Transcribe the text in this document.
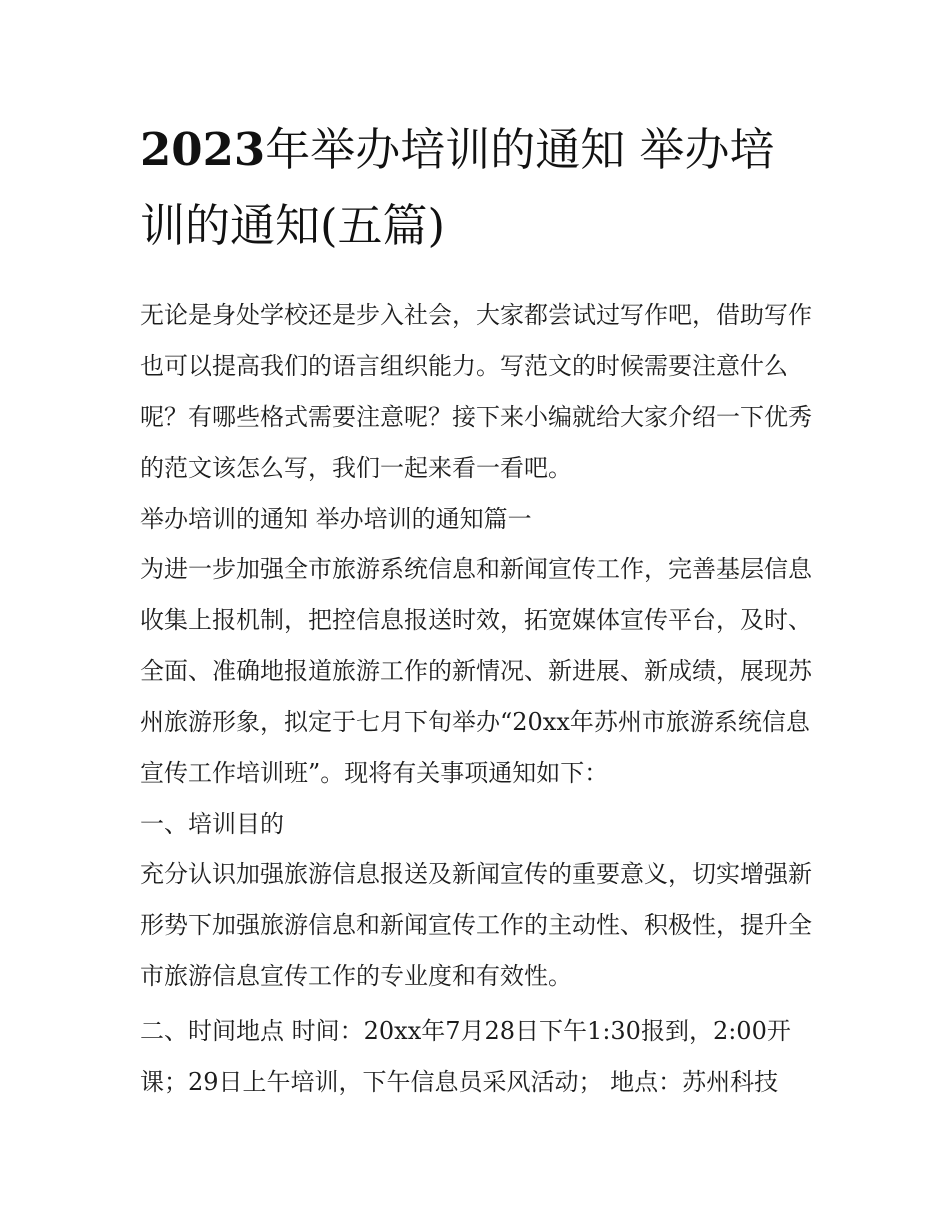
2023年举办培训的通知 举办培训的通知(五篇)

无论是身处学校还是步入社会，大家都尝试过写作吧，借助写作也可以提高我们的语言组织能力。写范文的时候需要注意什么呢？有哪些格式需要注意呢？接下来小编就给大家介绍一下优秀的范文该怎么写，我们一起来看一看吧。

举办培训的通知 举办培训的通知篇一

为进一步加强全市旅游系统信息和新闻宣传工作，完善基层信息收集上报机制，把控信息报送时效，拓宽媒体宣传平台，及时、全面、准确地报道旅游工作的新情况、新进展、新成绩，展现苏州旅游形象，拟定于七月下旬举办“20xx年苏州市旅游系统信息宣传工作培训班”。现将有关事项通知如下：

一、培训目的

充分认识加强旅游信息报送及新闻宣传的重要意义，切实增强新形势下加强旅游信息和新闻宣传工作的主动性、积极性，提升全市旅游信息宣传工作的专业度和有效性。

二、时间地点 时间：20xx年7月28日下午1:30报到，2:00开课；29日上午培训，下午信息员采风活动； 地点：苏州科技
